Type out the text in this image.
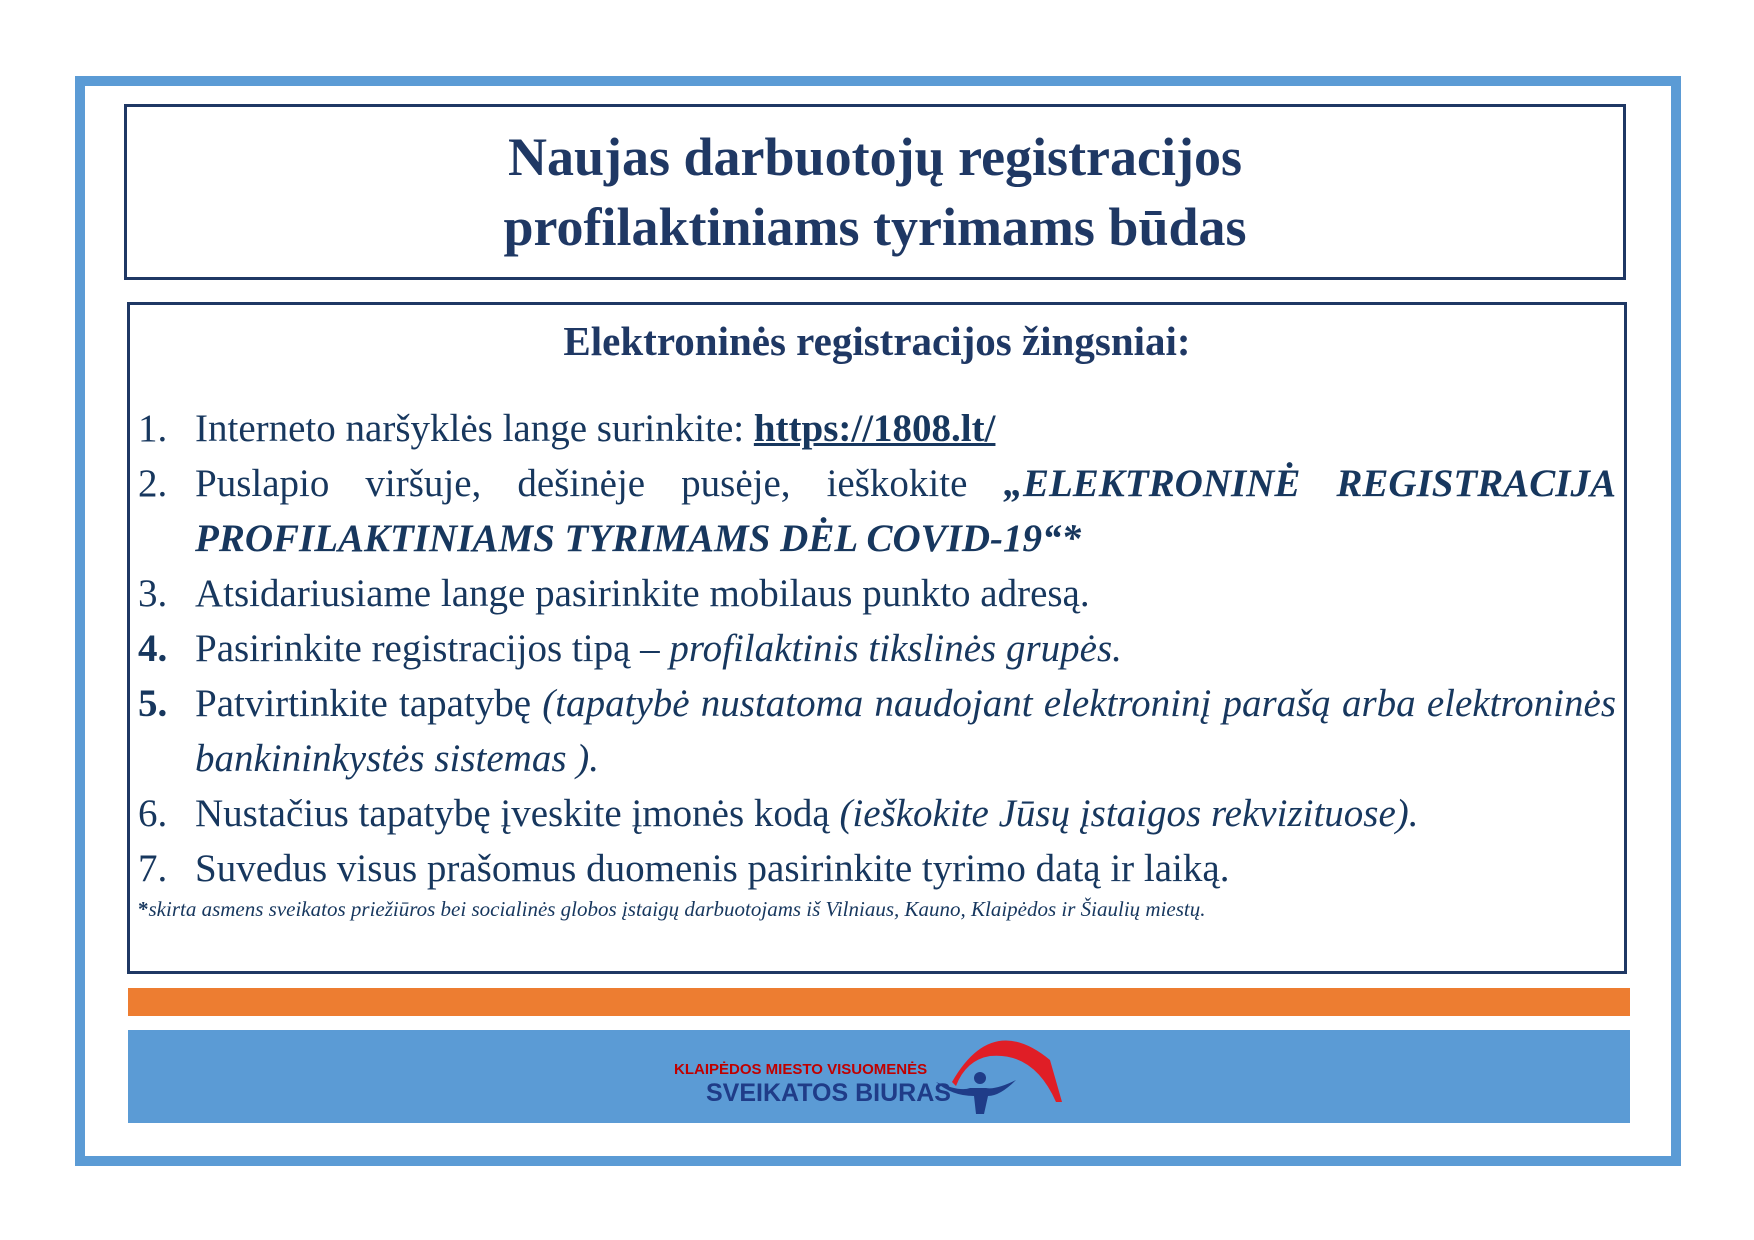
Naujas darbuotojų registracijos
profilaktiniams tyrimams būdas
Elektroninės registracijos žingsniai:
1. Interneto naršyklės lange surinkite: https://1808.lt/
2. Puslapio viršuje, dešinėje pusėje, ieškokite „ELEKTRONINĖ REGISTRACIJA PROFILAKTINIAMS TYRIMAMS DĖL COVID-19“*
3. Atsidariusiame lange pasirinkite mobilaus punkto adresą.
4. Pasirinkite registracijos tipą – profilaktinis tikslinės grupės.
5. Patvirtinkite tapatybę (tapatybė nustatoma naudojant elektroninį parašą arba elektroninės bankininkystės sistemas ).
6. Nustačius tapatybę įveskite įmonės kodą (ieškokite Jūsų įstaigos rekvizituose).
7. Suvedus visus prašomus duomenis pasirinkite tyrimo datą ir laiką.
*skirta asmens sveikatos priežiūros bei socialinės globos įstaigų darbuotojams iš Vilniaus, Kauno, Klaipėdos ir Šiaulių miestų.
KLAIPĖDOS MIESTO VISUOMENĖS
SVEIKATOS BIURAS
